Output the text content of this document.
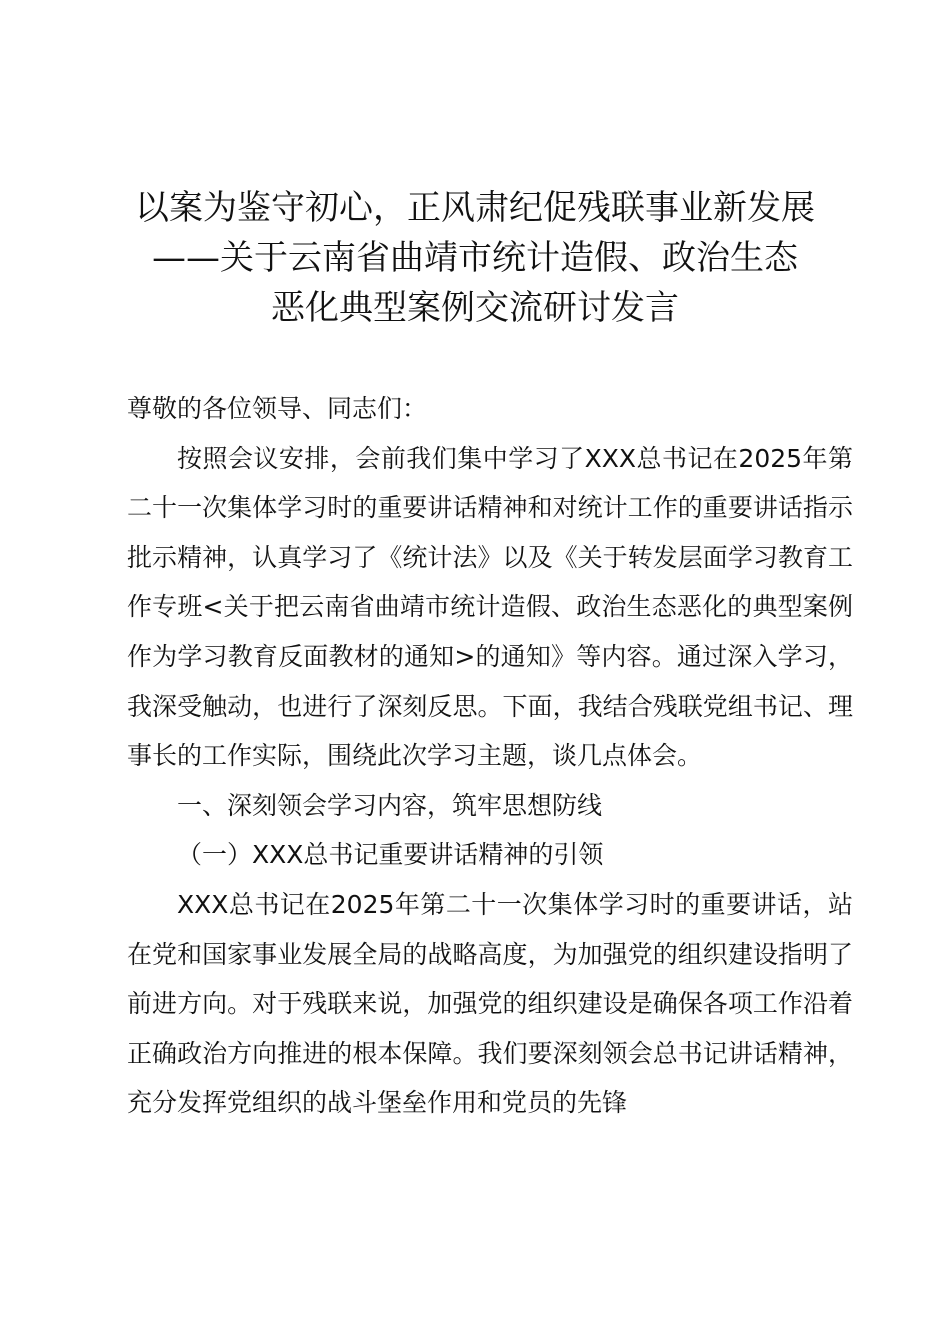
以案为鉴守初心，正风肃纪促残联事业新发展
——关于云南省曲靖市统计造假、政治生态
恶化典型案例交流研讨发言

尊敬的各位领导、同志们：

按照会议安排，会前我们集中学习了XXX总书记在2025年第二十一次集体学习时的重要讲话精神和对统计工作的重要讲话指示批示精神，认真学习了《统计法》以及《关于转发层面学习教育工作专班<关于把云南省曲靖市统计造假、政治生态恶化的典型案例作为学习教育反面教材的通知>的通知》等内容。通过深入学习，我深受触动，也进行了深刻反思。下面，我结合残联党组书记、理事长的工作实际，围绕此次学习主题，谈几点体会。

一、深刻领会学习内容，筑牢思想防线

（一）XXX总书记重要讲话精神的引领

XXX总书记在2025年第二十一次集体学习时的重要讲话，站在党和国家事业发展全局的战略高度，为加强党的组织建设指明了前进方向。对于残联来说，加强党的组织建设是确保各项工作沿着正确政治方向推进的根本保障。我们要深刻领会总书记讲话精神，充分发挥党组织的战斗堡垒作用和党员的先锋
